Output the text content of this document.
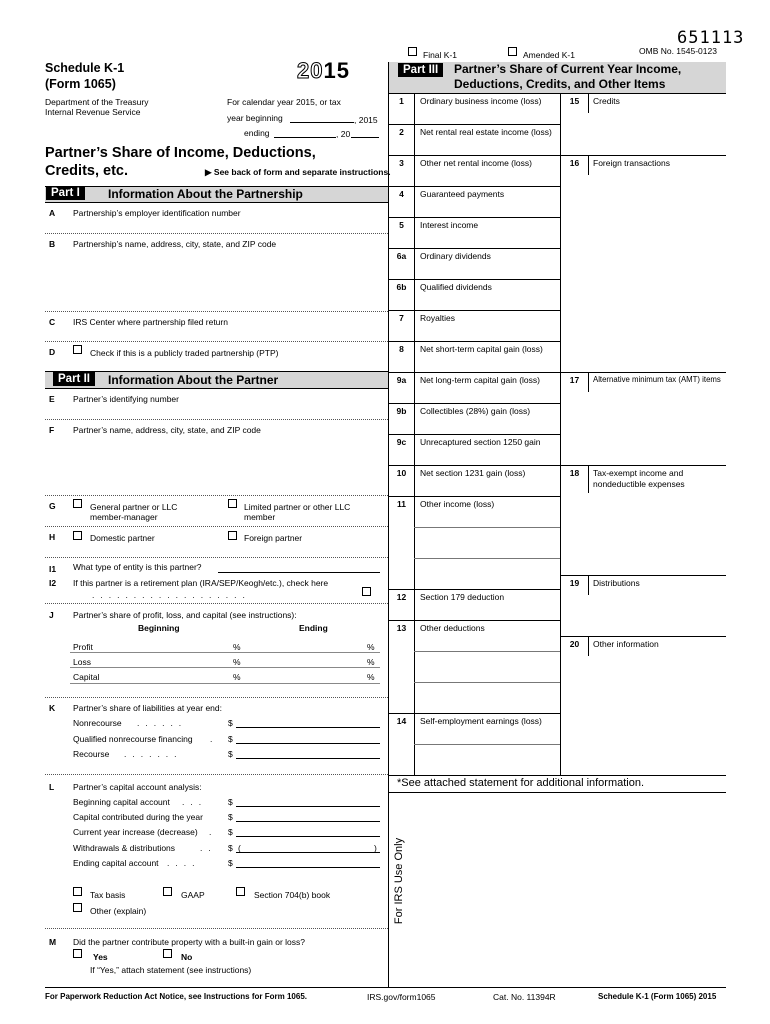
651113
Final K-1	Amended K-1	OMB No. 1545-0123
Schedule K-1
(Form 1065)
2015
Department of the Treasury
Internal Revenue Service
For calendar year 2015, or tax
year beginning	, 2015
ending	, 20
Partner’s Share of Income, Deductions,
Credits, etc.	▶ See back of form and separate instructions.
Part I	Information About the Partnership
A Partnership’s employer identification number
B Partnership’s name, address, city, state, and ZIP code
C IRS Center where partnership filed return
D	Check if this is a publicly traded partnership (PTP)
Part II	Information About the Partner
E Partner’s identifying number
F Partner’s name, address, city, state, and ZIP code
G	General partner or LLC
member-manager
Limited partner or other LLC
member
H	Domestic partner	Foreign partner
I1 What type of entity is this partner?
I2 If this partner is a retirement plan (IRA/SEP/Keogh/etc.), check here
...................
J Partner’s share of profit, loss, and capital (see instructions):
Beginning	Ending
Profit	%	%
Loss	%	%
Capital	%	%
K Partner’s share of liabilities at year end:
Nonrecourse ......	$
Qualified nonrecourse financing . $
Recourse .......	$
L Partner’s capital account analysis:
Beginning capital account ... $
Capital contributed during the year	$
Current year increase (decrease) . $
Withdrawals & distributions	.. $ (	)
Ending capital account ....	$
Tax basis	GAAP	Section 704(b) book
Other (explain)
M Did the partner contribute property with a built-in gain or loss?
Yes	No
If “Yes,” attach statement (see instructions)
Part III	Partner’s Share of Current Year Income,
Deductions, Credits, and Other Items
1	Ordinary business income (loss)
2	Net rental real estate income (loss)
3	Other net rental income (loss)
4	Guaranteed payments
5	Interest income
6a	Ordinary dividends
6b	Qualified dividends
7	Royalties
8	Net short-term capital gain (loss)
9a	Net long-term capital gain (loss)
9b	Collectibles (28%) gain (loss)
9c	Unrecaptured section 1250 gain
10	Net section 1231 gain (loss)
11	Other income (loss)
12	Section 179 deduction
13	Other deductions
14	Self-employment earnings (loss)
15	Credits
16	Foreign transactions
17	Alternative minimum tax (AMT) items
18	Tax-exempt income and
nondeductible expenses
19	Distributions
20	Other information
*See attached statement for additional information.
For IRS Use Only
For Paperwork Reduction Act Notice, see Instructions for Form 1065.	IRS.gov/form1065	Cat. No. 11394R	Schedule K-1 (Form 1065) 2015
